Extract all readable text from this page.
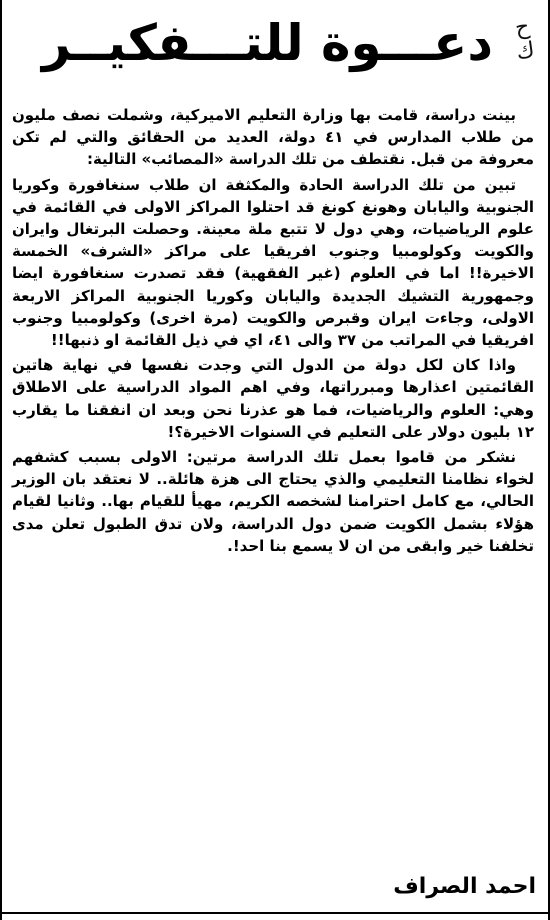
دعـــوة للتـــفكيــر ح ك

بينت دراسة، قامت بها وزارة التعليم الاميركية، وشملت نصف مليون من طلاب المدارس في ٤١ دولة، العديد من الحقائق والتي لم تكن معروفة من قبل. نقتطف من تلك الدراسة «المصائب» التالية:

تبين من تلك الدراسة الحادة والمكثفة ان طلاب سنغافورة وكوريا الجنوبية واليابان وهونغ كونغ قد احتلوا المراكز الاولى في القائمة في علوم الرياضيات، وهي دول لا تتبع ملة معينة. وحصلت البرتغال وايران والكويت وكولومبيا وجنوب افريقيا على مراكز «الشرف» الخمسة الاخيرة!! اما في العلوم (غير الفقهية) فقد تصدرت سنغافورة ايضا وجمهورية التشيك الجديدة واليابان وكوريا الجنوبية المراكز الاربعة الاولى، وجاءت ايران وقبرص والكويت (مرة اخرى) وكولومبيا وجنوب افريقيا في المراتب من ٣٧ والى ٤١، اي في ذيل القائمة او ذنبها!!

واذا كان لكل دولة من الدول التي وجدت نفسها في نهاية هاتين القائمتين اعذارها ومبرراتها، وفي اهم المواد الدراسية على الاطلاق وهي: العلوم والرياضيات، فما هو عذرنا نحن وبعد ان انفقنا ما يقارب ١٢ بليون دولار على التعليم في السنوات الاخيرة؟!

نشكر من قاموا بعمل تلك الدراسة مرتين: الاولى بسبب كشفهم لخواء نظامنا التعليمي والذي يحتاج الى هزة هائلة.. لا نعتقد بان الوزير الحالي، مع كامل احترامنا لشخصه الكريم، مهيأ للقيام بها.. وثانيا لقيام هؤلاء بشمل الكويت ضمن دول الدراسة، ولان تدق الطبول تعلن مدى تخلفنا خير وابقى من ان لا يسمع بنا احد!.

احمد الصراف
